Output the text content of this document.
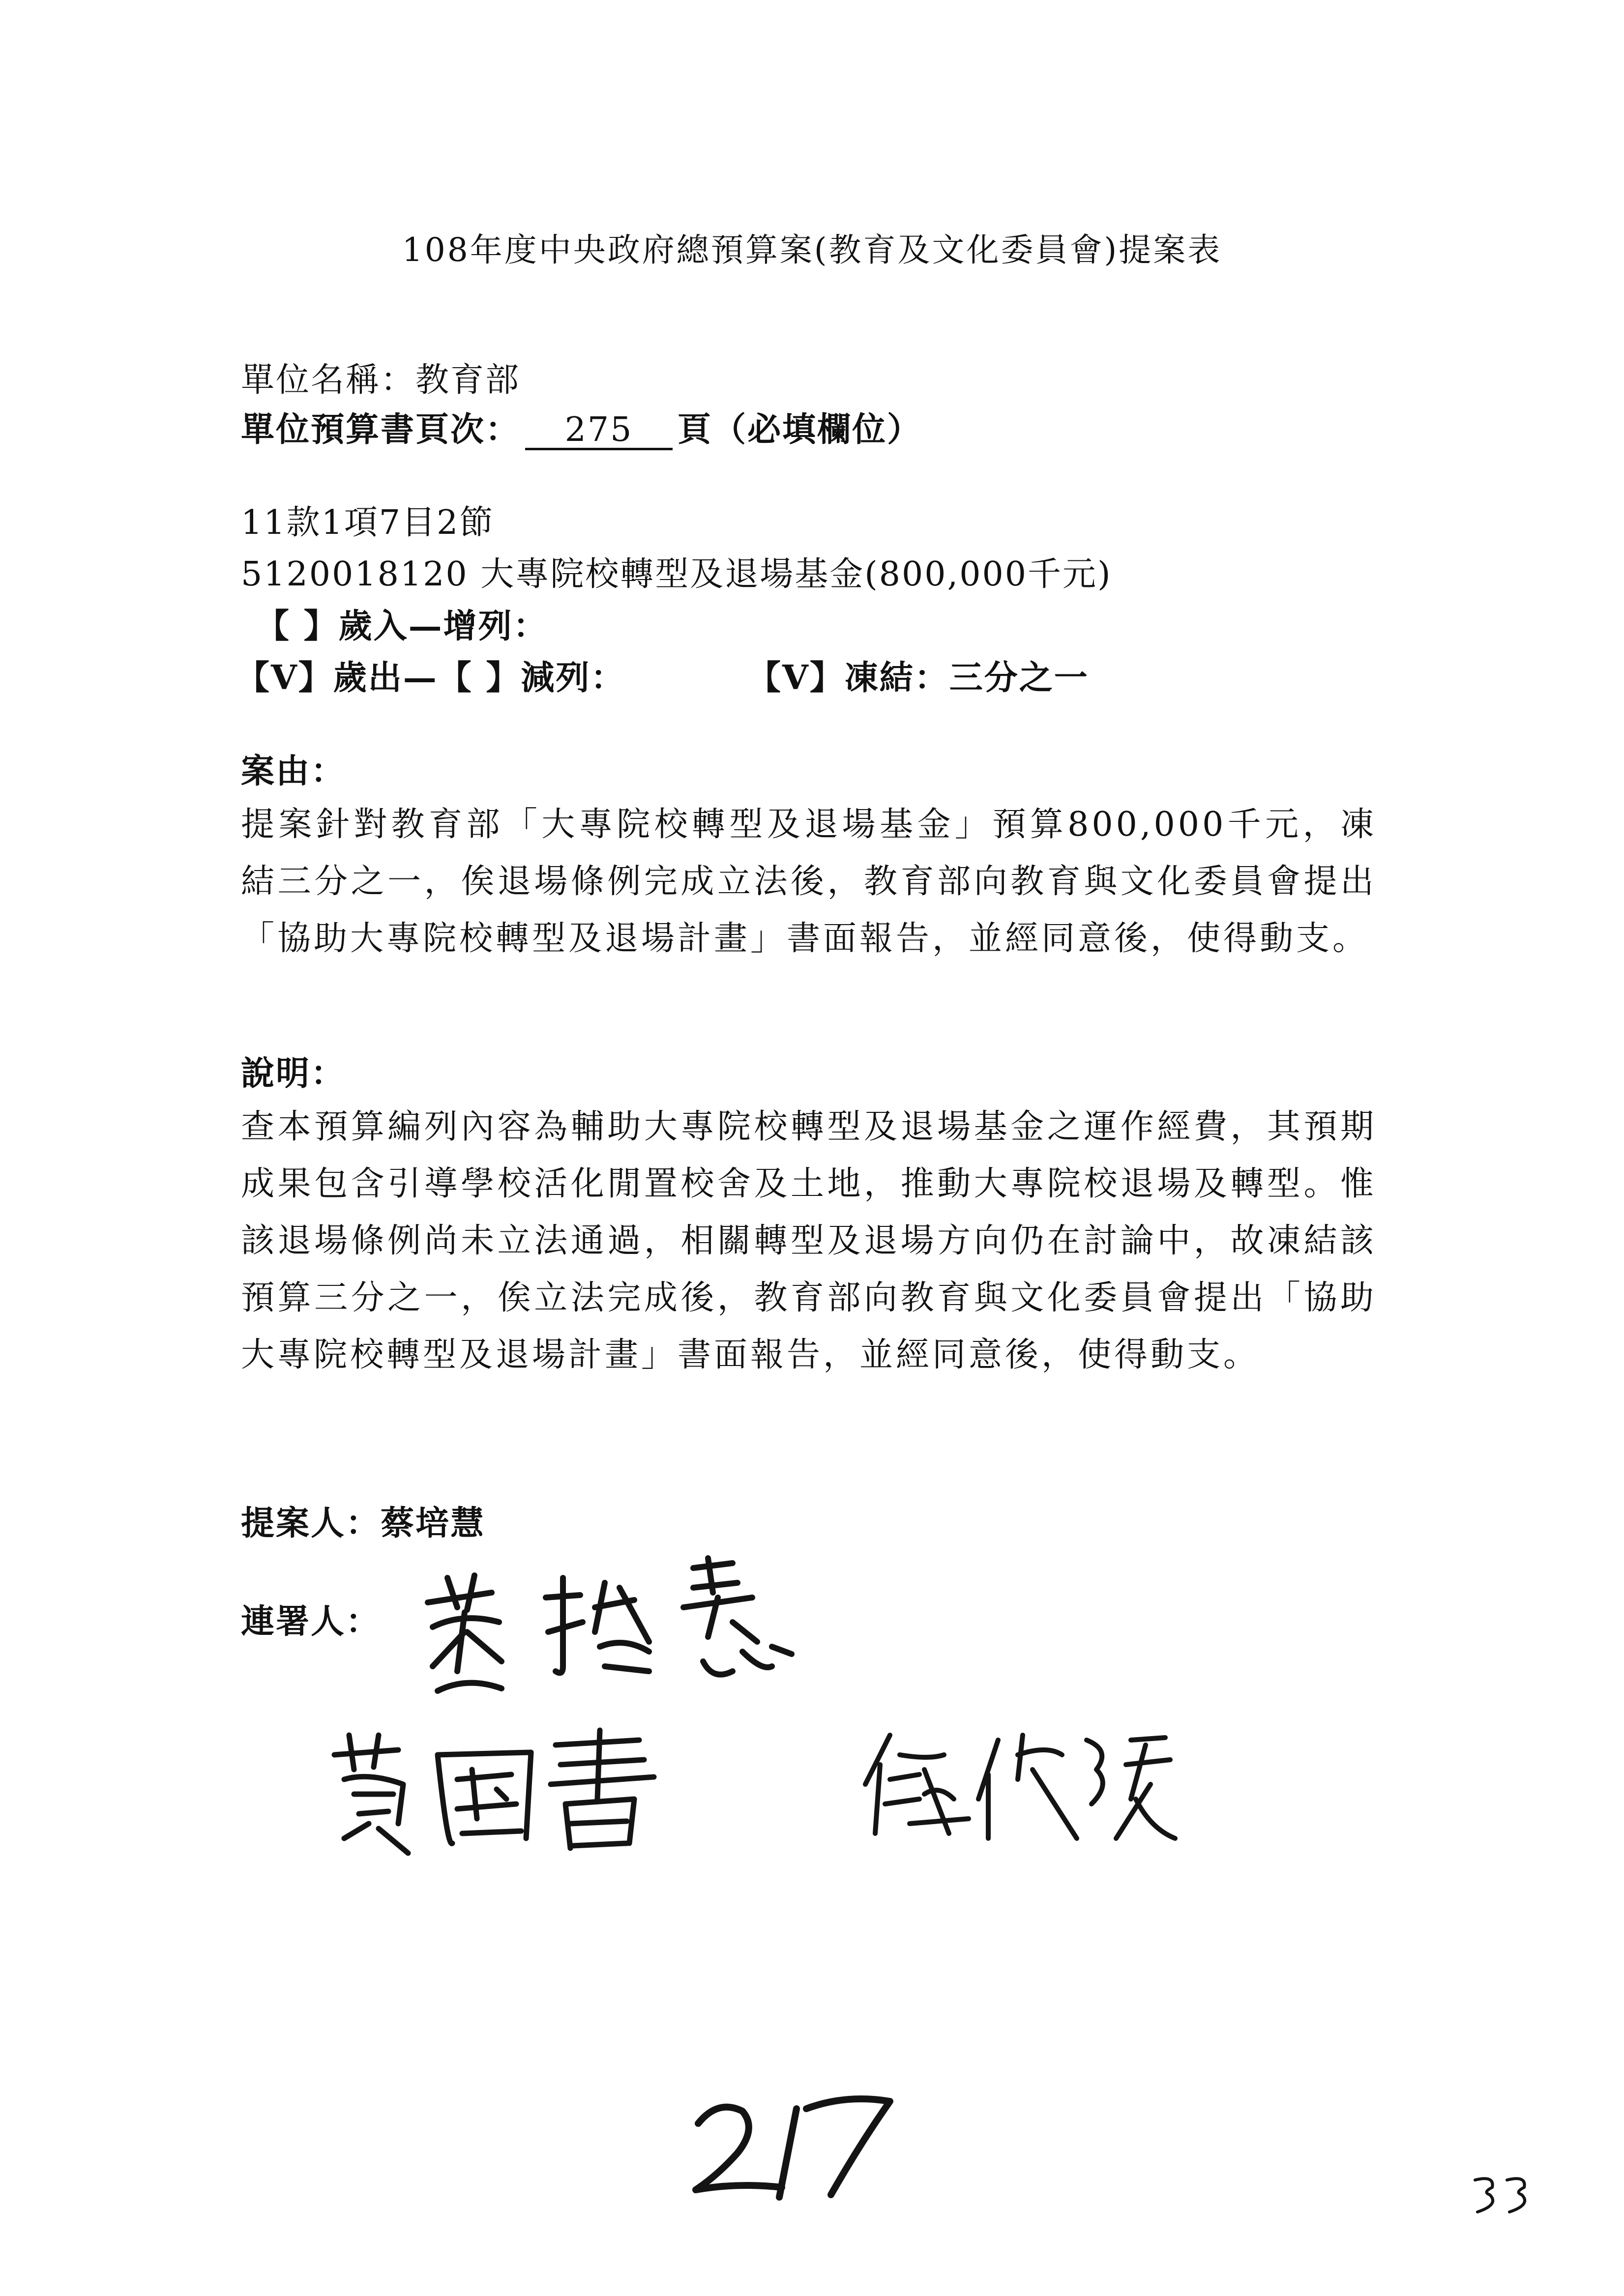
108年度中央政府總預算案(教育及文化委員會)提案表
單位名稱：教育部
單位預算書頁次： 275 頁（必填欄位）
11款1項7目2節
5120018120 大專院校轉型及退場基金(800,000千元)
【 】歲入—增列：
【V】歲出—【 】減列：	【V】凍結：三分之一
案由：
提案針對教育部「大專院校轉型及退場基金」預算800,000千元，凍結三分之一，俟退場條例完成立法後，教育部向教育與文化委員會提出「協助大專院校轉型及退場計畫」書面報告，並經同意後，使得動支。
說明：
查本預算編列內容為輔助大專院校轉型及退場基金之運作經費，其預期成果包含引導學校活化閒置校舍及土地，推動大專院校退場及轉型。惟該退場條例尚未立法通過，相關轉型及退場方向仍在討論中，故凍結該預算三分之一，俟立法完成後，教育部向教育與文化委員會提出「協助大專院校轉型及退場計畫」書面報告，並經同意後，使得動支。
提案人：蔡培慧
連署人：
